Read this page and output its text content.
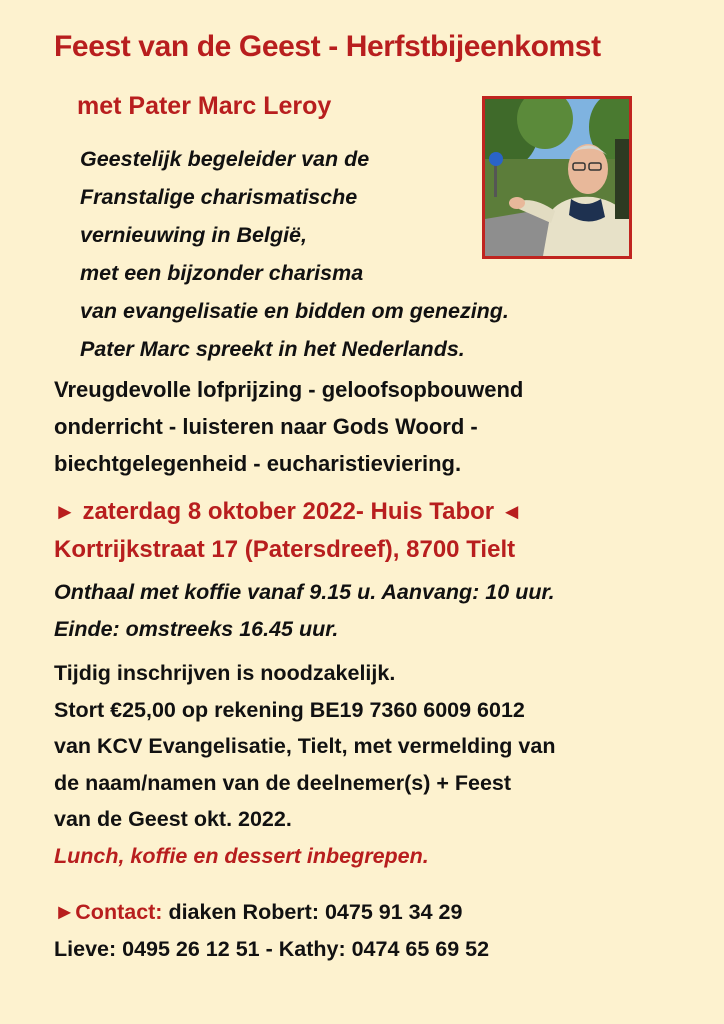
Feest van de Geest - Herfstbijeenkomst
met Pater Marc Leroy
Geestelijk begeleider van de
Franstalige charismatische
vernieuwing in België,
met een bijzonder charisma
van evangelisatie en bidden om genezing.
Pater Marc spreekt in het Nederlands.
Vreugdevolle lofprijzing - geloofsopbouwend
onderricht - luisteren naar Gods Woord -
biechtgelegenheid - eucharistieviering.
► zaterdag 8 oktober 2022- Huis Tabor ◄
Kortrijkstraat 17 (Patersdreef), 8700 Tielt
Onthaal met koffie vanaf 9.15 u. Aanvang: 10 uur.
Einde: omstreeks 16.45 uur.
Tijdig inschrijven is noodzakelijk.
Stort €25,00 op rekening BE19 7360 6009 6012
van KCV Evangelisatie, Tielt, met vermelding van
de naam/namen van de deelnemer(s) + Feest
van de Geest okt. 2022.
Lunch, koffie en dessert inbegrepen.
►Contact: diaken Robert: 0475 91 34 29
Lieve: 0495 26 12 51 - Kathy: 0474 65 69 52
